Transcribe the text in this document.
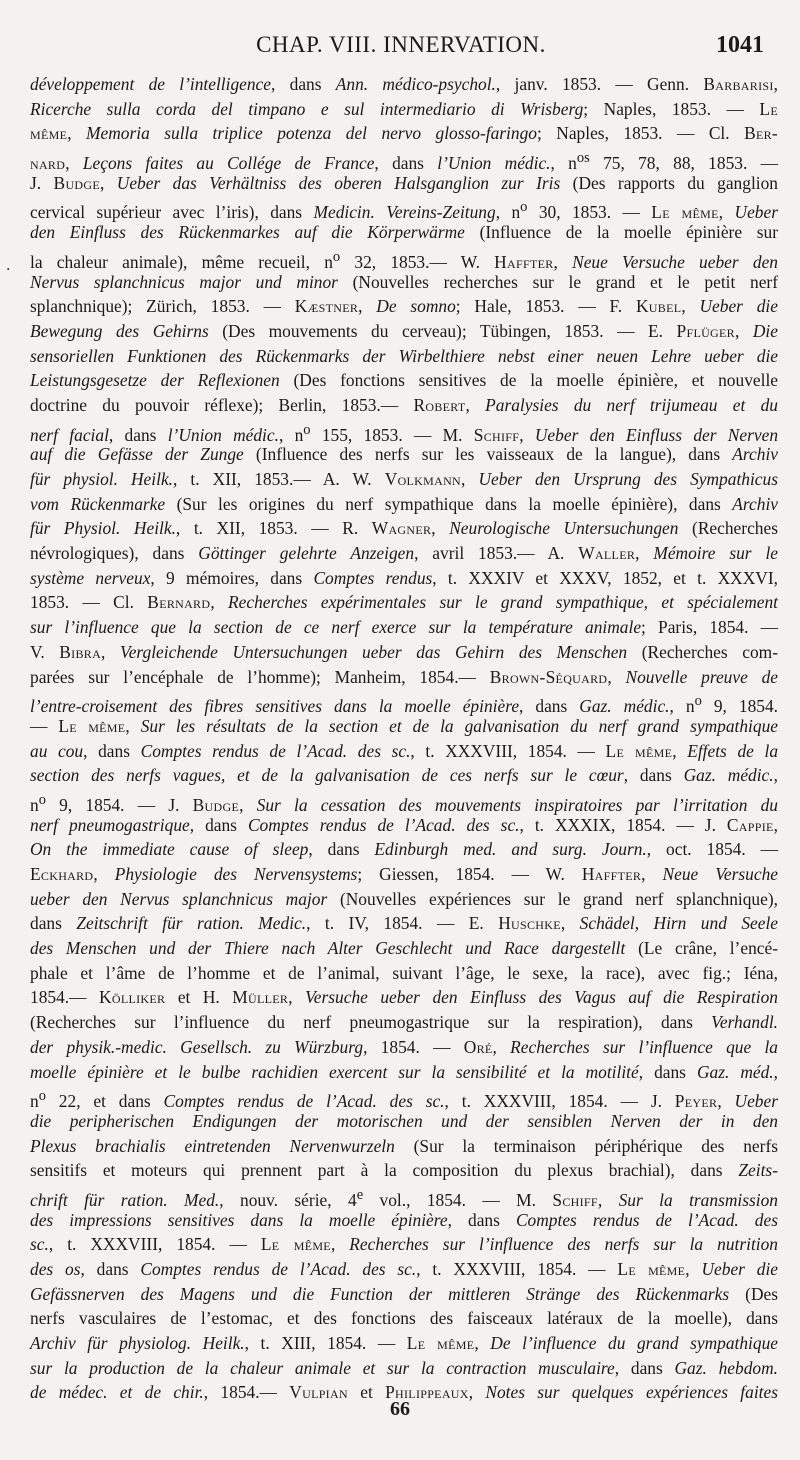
CHAP. VIII. INNERVATION.	1041
·
développement de l’intelligence, dans Ann. médico-psychol., janv. 1853. — Genn. Barbarisi,
Ricerche sulla corda del timpano e sul intermediario di Wrisberg; Naples, 1853. — Le
même, Memoria sulla triplice potenza del nervo glosso-faringo; Naples, 1853. — Cl. Ber-
nard, Leçons faites au Collége de France, dans l’Union médic., $n^{os}$ 75, 78, 88, 1853. —
J. Budge, Ueber das Verhältniss des oberen Halsganglion zur Iris (Des rapports du ganglion
cervical supérieur avec l’iris), dans Medicin. Vereins-Zeitung, $n^o$ 30, 1853. — Le même, Ueber
den Einfluss des Rückenmarkes auf die Körperwärme (Influence de la moelle épinière sur
la chaleur animale), même recueil, $n^o$ 32, 1853.— W. Haffter, Neue Versuche ueber den
Nervus splanchnicus major und minor (Nouvelles recherches sur le grand et le petit nerf
splanchnique); Zürich, 1853. — Kæstner, De somno; Hale, 1853. — F. Kubel, Ueber die
Bewegung des Gehirns (Des mouvements du cerveau); Tübingen, 1853. — E. Pflüger, Die
sensoriellen Funktionen des Rückenmarks der Wirbelthiere nebst einer neuen Lehre ueber die
Leistungsgesetze der Reflexionen (Des fonctions sensitives de la moelle épinière, et nouvelle
doctrine du pouvoir réflexe); Berlin, 1853.— Robert, Paralysies du nerf trijumeau et du
nerf facial, dans l’Union médic., $n^o$ 155, 1853. — M. Schiff, Ueber den Einfluss der Nerven
auf die Gefässe der Zunge (Influence des nerfs sur les vaisseaux de la langue), dans Archiv
für physiol. Heilk., t. XII, 1853.— A. W. Volkmann, Ueber den Ursprung des Sympathicus
vom Rückenmarke (Sur les origines du nerf sympathique dans la moelle épinière), dans Archiv
für Physiol. Heilk., t. XII, 1853. — R. Wagner, Neurologische Untersuchungen (Recherches
névrologiques), dans Göttinger gelehrte Anzeigen, avril 1853.— A. Waller, Mémoire sur le
système nerveux, 9 mémoires, dans Comptes rendus, t. XXXIV et XXXV, 1852, et t. XXXVI,
1853. — Cl. Bernard, Recherches expérimentales sur le grand sympathique, et spécialement
sur l’influence que la section de ce nerf exerce sur la température animale; Paris, 1854. —
V. Bibra, Vergleichende Untersuchungen ueber das Gehirn des Menschen (Recherches com-
parées sur l’encéphale de l’homme); Manheim, 1854.— Brown-Séquard, Nouvelle preuve de
l’entre-croisement des fibres sensitives dans la moelle épinière, dans Gaz. médic., $n^o$ 9, 1854.
— Le même, Sur les résultats de la section et de la galvanisation du nerf grand sympathique
au cou, dans Comptes rendus de l’Acad. des sc., t. XXXVIII, 1854. — Le même, Effets de la
section des nerfs vagues, et de la galvanisation de ces nerfs sur le cœur, dans Gaz. médic.,
$n^o$ 9, 1854. — J. Budge, Sur la cessation des mouvements inspiratoires par l’irritation du
nerf pneumogastrique, dans Comptes rendus de l’Acad. des sc., t. XXXIX, 1854. — J. Cappie,
On the immediate cause of sleep, dans Edinburgh med. and surg. Journ., oct. 1854. —
Eckhard, Physiologie des Nervensystems; Giessen, 1854. — W. Haffter, Neue Versuche
ueber den Nervus splanchnicus major (Nouvelles expériences sur le grand nerf splanchnique),
dans Zeitschrift für ration. Medic., t. IV, 1854. — E. Huschke, Schädel, Hirn und Seele
des Menschen und der Thiere nach Alter Geschlecht und Race dargestellt (Le crâne, l’encé-
phale et l’âme de l’homme et de l’animal, suivant l’âge, le sexe, la race), avec fig.; Iéna,
1854.— Kölliker et H. Müller, Versuche ueber den Einfluss des Vagus auf die Respiration
(Recherches sur l’influence du nerf pneumogastrique sur la respiration), dans Verhandl.
der physik.-medic. Gesellsch. zu Würzburg, 1854. — Oré, Recherches sur l’influence que la
moelle épinière et le bulbe rachidien exercent sur la sensibilité et la motilité, dans Gaz. méd.,
$n^o$ 22, et dans Comptes rendus de l’Acad. des sc., t. XXXVIII, 1854. — J. Peyer, Ueber
die peripherischen Endigungen der motorischen und der sensiblen Nerven der in den
Plexus brachialis eintretenden Nervenwurzeln (Sur la terminaison périphérique des nerfs
sensitifs et moteurs qui prennent part à la composition du plexus brachial), dans Zeits-
chrift für ration. Med., nouv. série, 4e vol., 1854. — M. Schiff, Sur la transmission
des impressions sensitives dans la moelle épinière, dans Comptes rendus de l’Acad. des
sc., t. XXXVIII, 1854. — Le même, Recherches sur l’influence des nerfs sur la nutrition
des os, dans Comptes rendus de l’Acad. des sc., t. XXXVIII, 1854. — Le même, Ueber die
Gefässnerven des Magens und die Function der mittleren Stränge des Rückenmarks (Des
nerfs vasculaires de l’estomac, et des fonctions des faisceaux latéraux de la moelle), dans
Archiv für physiolog. Heilk., t. XIII, 1854. — Le même, De l’influence du grand sympathique
sur la production de la chaleur animale et sur la contraction musculaire, dans Gaz. hebdom.
de médec. et de chir., 1854.— Vulpian et Philippeaux, Notes sur quelques expériences faites
66
